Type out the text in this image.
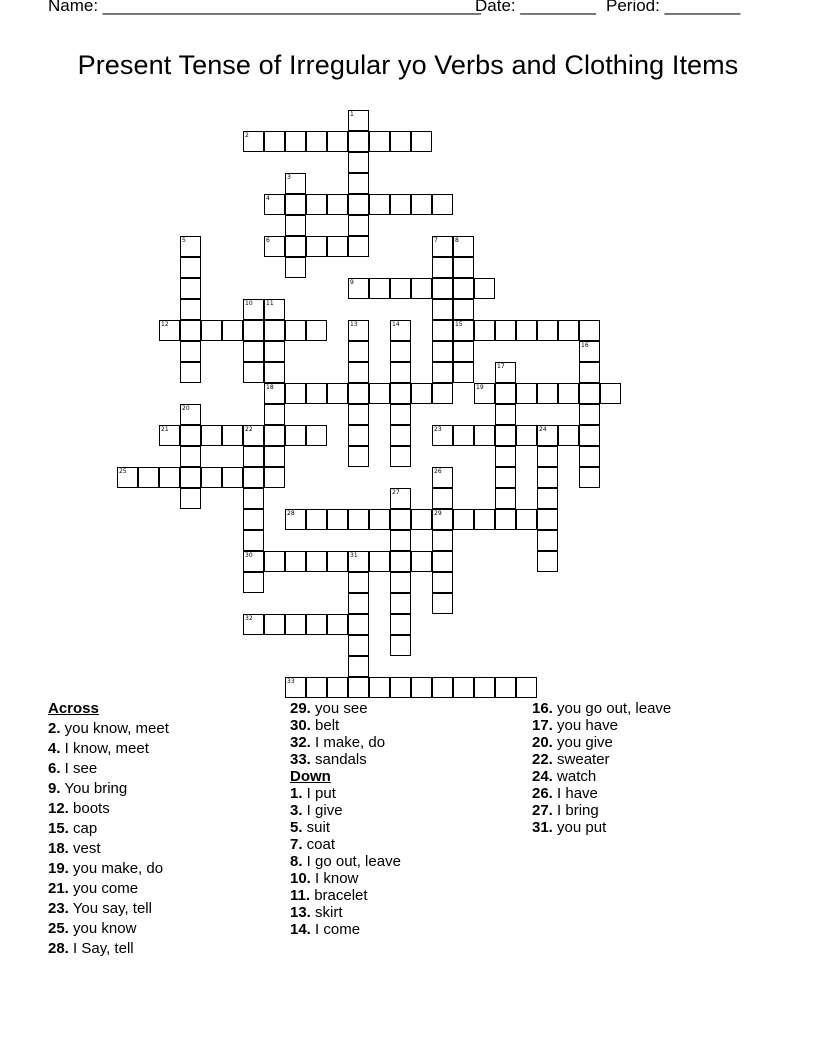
Name: ________________________________________
Date: ________ Period: ________
Present Tense of Irregular yo Verbs and Clothing Items
1
2
3
4
5	6	7	8
15
9
10 11
18
12	13	14
16
17
19
20
21	22
30
23	24
25	26
29
27
28
31
32
33
Across
2. you know, meet
4. I know, meet
6. I see
9. You bring
12. boots
15. cap
18. vest
19. you make, do
21. you come
23. You say, tell
25. you know
28. I Say, tell
29. you see
30. belt
32. I make, do
33. sandals
Down
1. I put
3. I give
5. suit
7. coat
8. I go out, leave
10. I know
11. bracelet
13. skirt
14. I come
16. you go out, leave
17. you have
20. you give
22. sweater
24. watch
26. I have
27. I bring
31. you put
